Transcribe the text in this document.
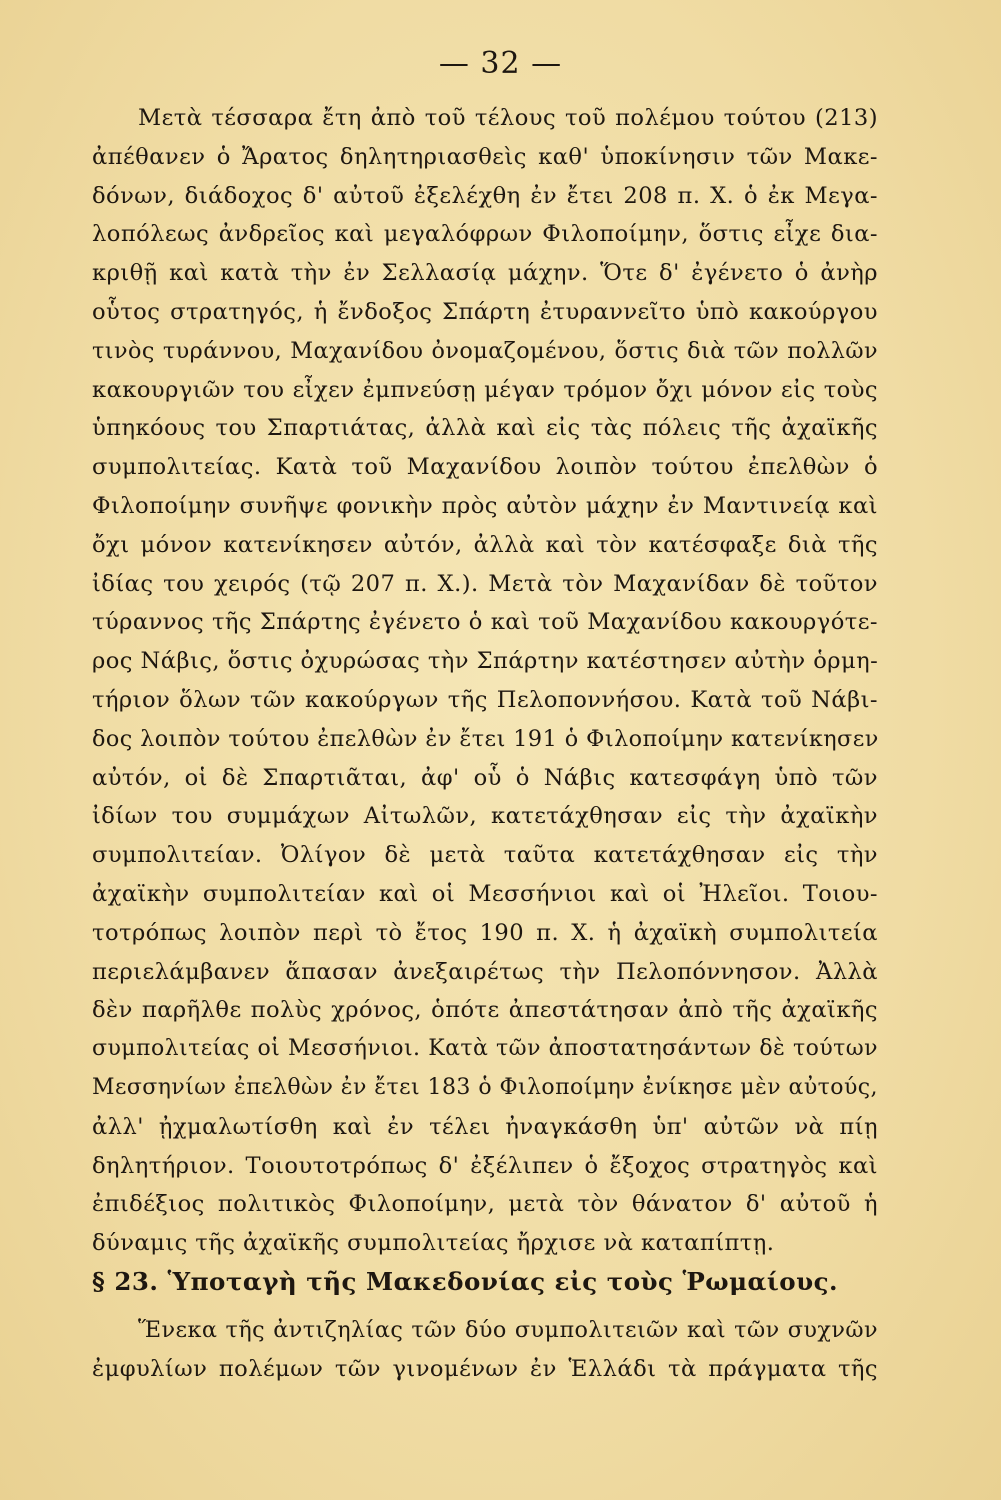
— 32 —
Μετὰ τέσσαρα ἔτη ἀπὸ τοῦ τέλους τοῦ πολέμου τούτου (213)
ἀπέθανεν ὁ Ἄρατος δηλητηριασθεὶς καθ' ὑποκίνησιν τῶν Μακε-
δόνων, διάδοχος δ' αὐτοῦ ἐξελέχθη ἐν ἔτει 208 π. Χ. ὁ ἐκ Μεγα-
λοπόλεως ἀνδρεῖος καὶ μεγαλόφρων Φιλοποίμην, ὅστις εἶχε δια-
κριθῇ καὶ κατὰ τὴν ἐν Σελλασίᾳ μάχην. Ὅτε δ' ἐγένετο ὁ ἀνὴρ
οὗτος στρατηγός, ἡ ἔνδοξος Σπάρτη ἐτυραννεῖτο ὑπὸ κακούργου
τινὸς τυράννου, Μαχανίδου ὀνομαζομένου, ὅστις διὰ τῶν πολλῶν
κακουργιῶν του εἶχεν ἐμπνεύσῃ μέγαν τρόμον ὄχι μόνον εἰς τοὺς
ὑπηκόους του Σπαρτιάτας, ἀλλὰ καὶ εἰς τὰς πόλεις τῆς ἀχαϊκῆς
συμπολιτείας. Κατὰ τοῦ Μαχανίδου λοιπὸν τούτου ἐπελθὼν ὁ
Φιλοποίμην συνῆψε φονικὴν πρὸς αὐτὸν μάχην ἐν Μαντινείᾳ καὶ
ὄχι μόνον κατενίκησεν αὐτόν, ἀλλὰ καὶ τὸν κατέσφαξε διὰ τῆς
ἰδίας του χειρός (τῷ 207 π. Χ.). Μετὰ τὸν Μαχανίδαν δὲ τοῦτον
τύραννος τῆς Σπάρτης ἐγένετο ὁ καὶ τοῦ Μαχανίδου κακουργότε-
ρος Νάβις, ὅστις ὀχυρώσας τὴν Σπάρτην κατέστησεν αὐτὴν ὁρμη-
τήριον ὅλων τῶν κακούργων τῆς Πελοποννήσου. Κατὰ τοῦ Νάβι-
δος λοιπὸν τούτου ἐπελθὼν ἐν ἔτει 191 ὁ Φιλοποίμην κατενίκησεν
αὐτόν, οἱ δὲ Σπαρτιᾶται, ἀφ' οὗ ὁ Νάβις κατεσφάγη ὑπὸ τῶν
ἰδίων του συμμάχων Αἰτωλῶν, κατετάχθησαν εἰς τὴν ἀχαϊκὴν
συμπολιτείαν. Ὀλίγον δὲ μετὰ ταῦτα κατετάχθησαν εἰς τὴν
ἀχαϊκὴν συμπολιτείαν καὶ οἱ Μεσσήνιοι καὶ οἱ Ἠλεῖοι. Τοιου-
τοτρόπως λοιπὸν περὶ τὸ ἔτος 190 π. Χ. ἡ ἀχαϊκὴ συμπολιτεία
περιελάμβανεν ἅπασαν ἀνεξαιρέτως τὴν Πελοπόννησον. Ἀλλὰ
δὲν παρῆλθε πολὺς χρόνος, ὁπότε ἀπεστάτησαν ἀπὸ τῆς ἀχαϊκῆς
συμπολιτείας οἱ Μεσσήνιοι. Κατὰ τῶν ἀποστατησάντων δὲ τούτων
Μεσσηνίων ἐπελθὼν ἐν ἔτει 183 ὁ Φιλοποίμην ἐνίκησε μὲν αὐτούς,
ἀλλ' ᾐχμαλωτίσθη καὶ ἐν τέλει ἠναγκάσθη ὑπ' αὐτῶν νὰ πίῃ
δηλητήριον. Τοιουτοτρόπως δ' ἐξέλιπεν ὁ ἔξοχος στρατηγὸς καὶ
ἐπιδέξιος πολιτικὸς Φιλοποίμην, μετὰ τὸν θάνατον δ' αὐτοῦ ἡ
δύναμις τῆς ἀχαϊκῆς συμπολιτείας ἤρχισε νὰ καταπίπτῃ.
§ 23. Ὑποταγὴ τῆς Μακεδονίας εἰς τοὺς Ῥωμαίους.
Ἕνεκα τῆς ἀντιζηλίας τῶν δύο συμπολιτειῶν καὶ τῶν συχνῶν
ἐμφυλίων πολέμων τῶν γινομένων ἐν Ἑλλάδι τὰ πράγματα τῆς
